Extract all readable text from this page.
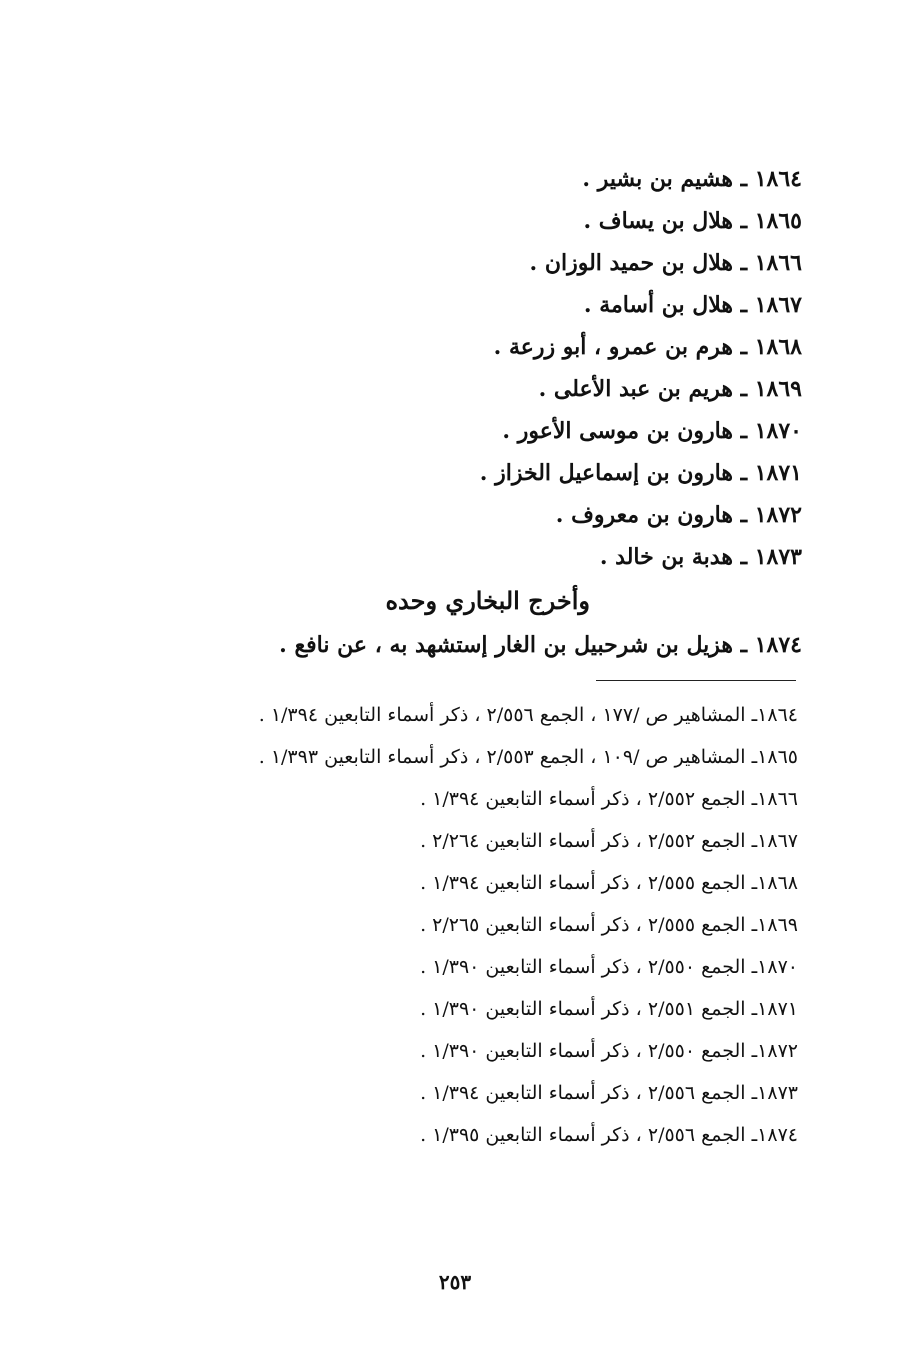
١٨٦٤ ـ هشيم بن بشير .
١٨٦٥ ـ هلال بن يساف .
١٨٦٦ ـ هلال بن حميد الوزان .
١٨٦٧ ـ هلال بن أسامة .
١٨٦٨ ـ هرم بن عمرو ، أبو زرعة .
١٨٦٩ ـ هريم بن عبد الأعلى .
١٨٧٠ ـ هارون بن موسى الأعور .
١٨٧١ ـ هارون بن إسماعيل الخزاز .
١٨٧٢ ـ هارون بن معروف .
١٨٧٣ ـ هدبة بن خالد .
وأخرج البخاري وحده
١٨٧٤ ـ هزيل بن شرحبيل بن الغار إستشهد به ، عن نافع .
١٨٦٤ـ المشاهير ص /١٧٧ ، الجمع ٢/٥٥٦ ، ذكر أسماء التابعين ١/٣٩٤ .
١٨٦٥ـ المشاهير ص /١٠٩ ، الجمع ٢/٥٥٣ ، ذكر أسماء التابعين ١/٣٩٣ .
١٨٦٦ـ الجمع ٢/٥٥٢ ، ذكر أسماء التابعين ١/٣٩٤ .
١٨٦٧ـ الجمع ٢/٥٥٢ ، ذكر أسماء التابعين ٢/٢٦٤ .
١٨٦٨ـ الجمع ٢/٥٥٥ ، ذكر أسماء التابعين ١/٣٩٤ .
١٨٦٩ـ الجمع ٢/٥٥٥ ، ذكر أسماء التابعين ٢/٢٦٥ .
١٨٧٠ـ الجمع ٢/٥٥٠ ، ذكر أسماء التابعين ١/٣٩٠ .
١٨٧١ـ الجمع ٢/٥٥١ ، ذكر أسماء التابعين ١/٣٩٠ .
١٨٧٢ـ الجمع ٢/٥٥٠ ، ذكر أسماء التابعين ١/٣٩٠ .
١٨٧٣ـ الجمع ٢/٥٥٦ ، ذكر أسماء التابعين ١/٣٩٤ .
١٨٧٤ـ الجمع ٢/٥٥٦ ، ذكر أسماء التابعين ١/٣٩٥ .
٢٥٣
